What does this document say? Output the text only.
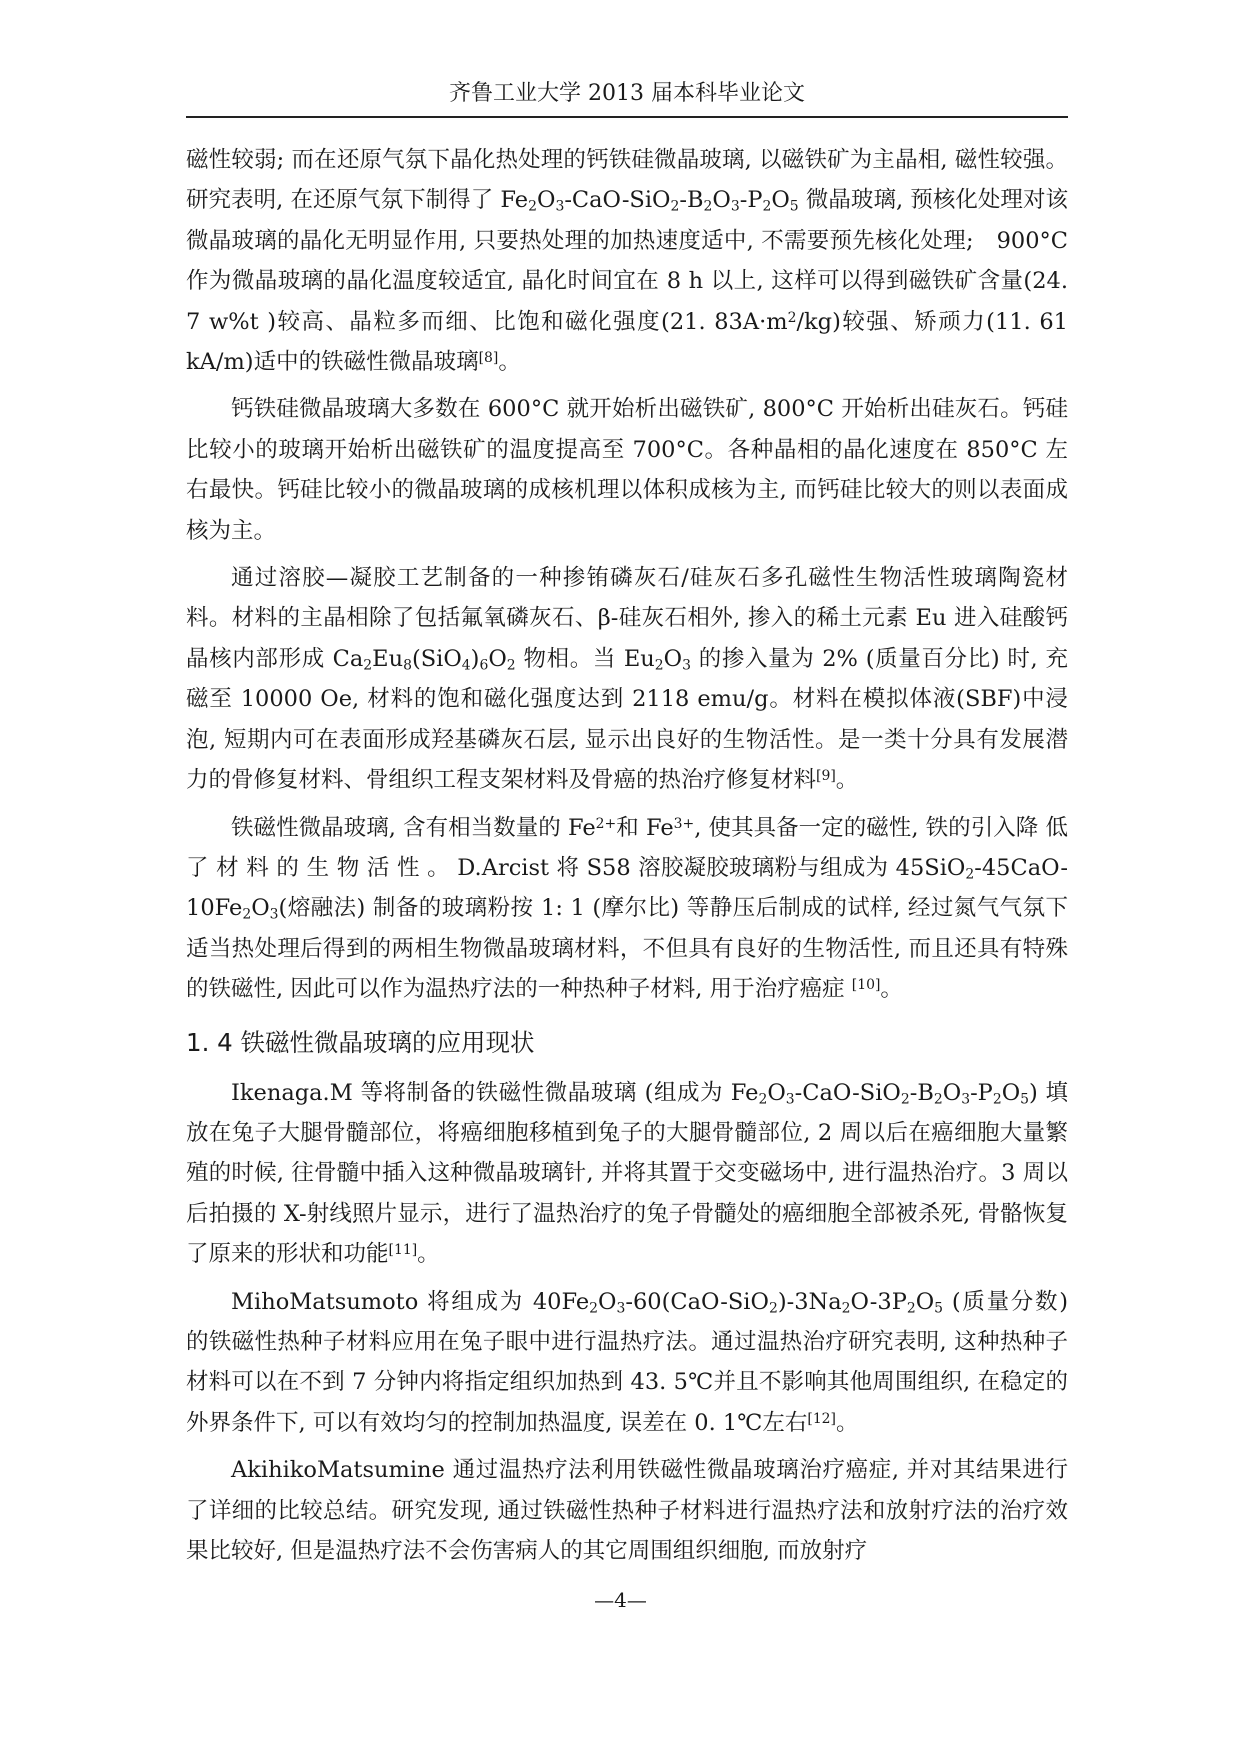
齐鲁工业大学 2013 届本科毕业论文

磁性较弱; 而在还原气氛下晶化热处理的钙铁硅微晶玻璃, 以磁铁矿为主晶相, 磁性较强。研究表明, 在还原气氛下制得了 $Fe_2O_3-CaO-SiO_2-B_2O_3-P_2O_5$ 微晶玻璃, 预核化处理对该微晶玻璃的晶化无明显作用, 只要热处理的加热速度适中, 不需要预先核化处理;　900°C 作为微晶玻璃的晶化温度较适宜, 晶化时间宜在 8 h 以上, 这样可以得到磁铁矿含量(24. 7 w%t )较高、晶粒多而细、比饱和磁化强度(21. $83A\cdot m^2/kg$)较强、矫顽力(11. 61 kA/m)适中的铁磁性微晶玻璃[8]。

钙铁硅微晶玻璃大多数在 600°C 就开始析出磁铁矿, 800°C 开始析出硅灰石。钙硅比较小的玻璃开始析出磁铁矿的温度提高至 700°C。各种晶相的晶化速度在 850°C 左右最快。钙硅比较小的微晶玻璃的成核机理以体积成核为主, 而钙硅比较大的则以表面成核为主。

通过溶胶—凝胶工艺制备的一种掺铕磷灰石/硅灰石多孔磁性生物活性玻璃陶瓷材料。材料的主晶相除了包括氟氧磷灰石、β-硅灰石相外, 掺入的稀土元素 Eu 进入硅酸钙晶核内部形成 $Ca_2Eu_8(SiO_4)_6O_2$ 物相。当 $Eu_2O_3$ 的掺入量为 2% (质量百分比) 时, 充磁至 10000 Oe, 材料的饱和磁化强度达到 2118 emu/g。材料在模拟体液(SBF)中浸泡, 短期内可在表面形成羟基磷灰石层, 显示出良好的生物活性。是一类十分具有发展潜力的骨修复材料、骨组织工程支架材料及骨癌的热治疗修复材料[9]。

铁磁性微晶玻璃, 含有相当数量的 $Fe^{2+}$和 $Fe^{3+}$, 使其具备一定的磁性, 铁的引入降 低 了 材 料 的 生 物 活 性 。 D.Arcist 将 S58 溶胶凝胶玻璃粉与组成为 $45SiO_2-45CaO-10Fe_2O_3$(熔融法) 制备的玻璃粉按 1: 1 (摩尔比) 等静压后制成的试样, 经过氮气气氛下适当热处理后得到的两相生物微晶玻璃材料，不但具有良好的生物活性, 而且还具有特殊的铁磁性, 因此可以作为温热疗法的一种热种子材料, 用于治疗癌症 [10]。

1. 4 铁磁性微晶玻璃的应用现状

Ikenaga.M 等将制备的铁磁性微晶玻璃 (组成为 $Fe_2O_3-CaO-SiO_2-B_2O_3-P_2O_5$) 填放在兔子大腿骨髓部位，将癌细胞移植到兔子的大腿骨髓部位, 2 周以后在癌细胞大量繁殖的时候, 往骨髓中插入这种微晶玻璃针, 并将其置于交变磁场中, 进行温热治疗。3 周以后拍摄的 X-射线照片显示，进行了温热治疗的兔子骨髓处的癌细胞全部被杀死, 骨骼恢复了原来的形状和功能[11]。

MihoMatsumoto 将组成为 $40Fe_2O_3-60(CaO-SiO_2)-3Na_2O-3P_2O_5$ (质量分数) 的铁磁性热种子材料应用在兔子眼中进行温热疗法。通过温热治疗研究表明, 这种热种子材料可以在不到 7 分钟内将指定组织加热到 43. 5℃并且不影响其他周围组织, 在稳定的外界条件下, 可以有效均匀的控制加热温度, 误差在 0. 1℃左右[12]。

AkihikoMatsumine 通过温热疗法利用铁磁性微晶玻璃治疗癌症, 并对其结果进行了详细的比较总结。研究发现, 通过铁磁性热种子材料进行温热疗法和放射疗法的治疗效果比较好, 但是温热疗法不会伤害病人的其它周围组织细胞, 而放射疗

—4—
